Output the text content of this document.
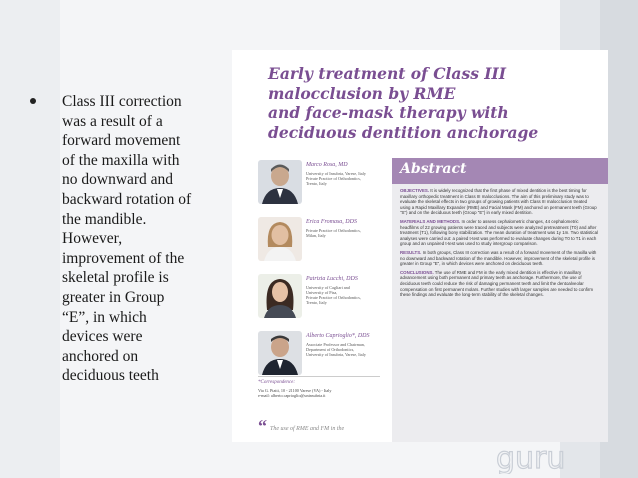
Class III correction
was a result of a
forward movement
of the maxilla with
no downward and
backward rotation of
the mandible.
However,
improvement of the
skeletal profile is
greater in Group
“E”, in which
devices were
anchored on
deciduous teeth
Early treatment of Class III
malocclusion by RME
and face-mask therapy with
deciduous dentition anchorage
Marco Rosa, MD
University of Insubria, Varese, Italy
Private Practice of Orthodontics,
Trento, Italy
Erica Fromasa, DDS
Private Practice of Orthodontics,
Milan, Italy
Patrizia Lucchi, DDS
University of Cagliari and
University of Pisa,
Private Practice of Orthodontics,
Trento, Italy
Alberto Caprioglio*, DDS
Associate Professor and Chairman,
Department of Orthodontics,
University of Insubria, Varese, Italy
*Correspondence:
Via G. Piatti, 10 - 21100 Varese (VA) - Italy
e-mail: alberto.caprioglio@uninsubria.it
“ The use of RME and FM in the
Abstract

OBJECTIVES. It is widely recognized that the first phase of mixed dentition is the best timing for maxillary orthopedic treatment in Class III malocclusions. The aim of this preliminary study was to evaluate the skeletal effects in two groups of growing patients with Class III malocclusion treated using a Rapid Maxillary Expander (RME) and Facial Mask (FM) anchored on permanent teeth (Group "S") and on the deciduous teeth (Group "E") in early mixed dentition.

MATERIALS AND METHODS. In order to assess cephalometric changes, 44 cephalometric headfilms of 22 growing patients were traced and subjects were analyzed pretreatment (T0) and after treatment (T1), following bony stabilization. The mean duration of treatment was 1y 1m. Two statistical analyses were carried out: a paired t-test was performed to evaluate changes during T0 to T1 in each group and an unpaired t-test was used to study intergroup comparison.

RESULTS. In both groups, Class III correction was a result of a forward movement of the maxilla with no downward and backward rotation of the mandible. However, improvement of the skeletal profile is greater in Group "E", in which devices were anchored on deciduous teeth.

CONCLUSIONS. The use of RME and FM in the early mixed dentition is effective in maxillary advancement using both permanent and primary teeth as anchorage. Furthermore, the use of deciduous teeth could reduce the risk of damaging permanent teeth and limit the dentoalveolar compensation on first permanent molars. Further studies with larger samples are needed to confirm these findings and evaluate the long-term stability of the skeletal changes.

guru
